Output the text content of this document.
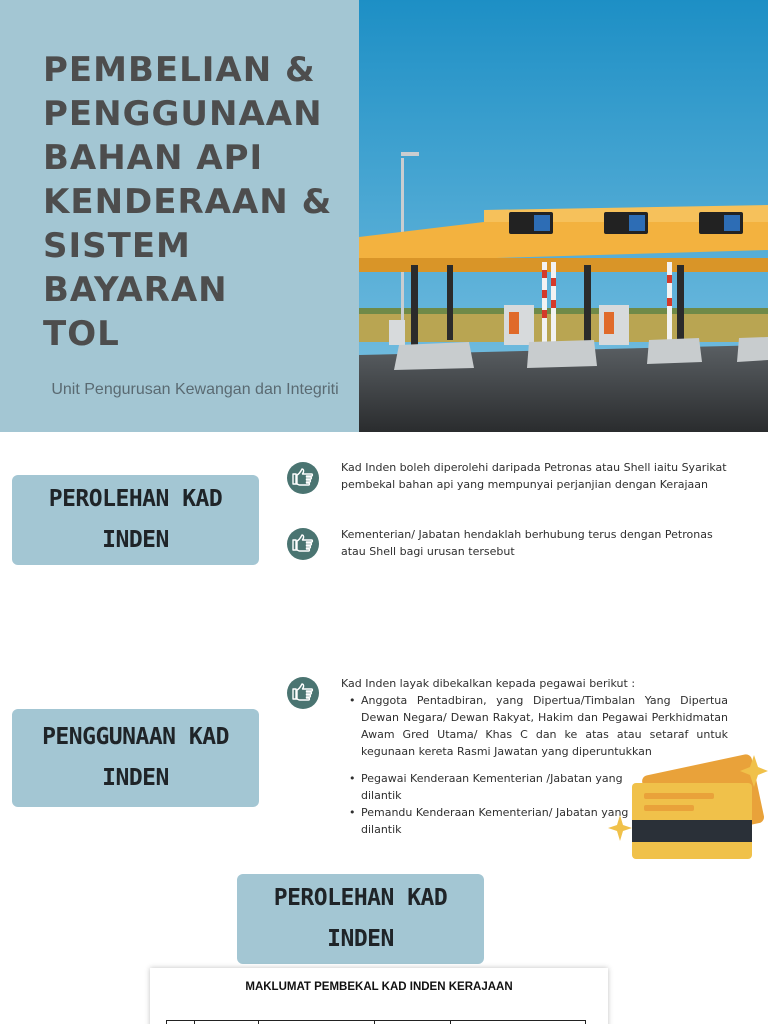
PEMBELIAN &
PENGGUNAAN
BAHAN API
KENDERAAN &
SISTEM BAYARAN
TOL
Unit Pengurusan Kewangan dan Integriti
PEROLEHAN KAD INDEN
Kad Inden boleh diperolehi daripada Petronas atau Shell iaitu Syarikat pembekal bahan api yang mempunyai perjanjian dengan Kerajaan
Kementerian/ Jabatan hendaklah berhubung terus dengan Petronas atau Shell bagi urusan tersebut
PENGGUNAAN KAD INDEN
Kad Inden layak dibekalkan kepada pegawai berikut :
• Anggota Pentadbiran, yang Dipertua/Timbalan Yang Dipertua Dewan Negara/ Dewan Rakyat, Hakim dan Pegawai Perkhidmatan Awam Gred Utama/ Khas C dan ke atas atau setaraf untuk kegunaan kereta Rasmi Jawatan yang diperuntukkan
• Pegawai Kenderaan Kementerian /Jabatan yang dilantik
• Pemandu Kenderaan Kementerian/ Jabatan yang dilantik
PEROLEHAN KAD INDEN
MAKLUMAT PEMBEKAL KAD INDEN KERAJAAN
